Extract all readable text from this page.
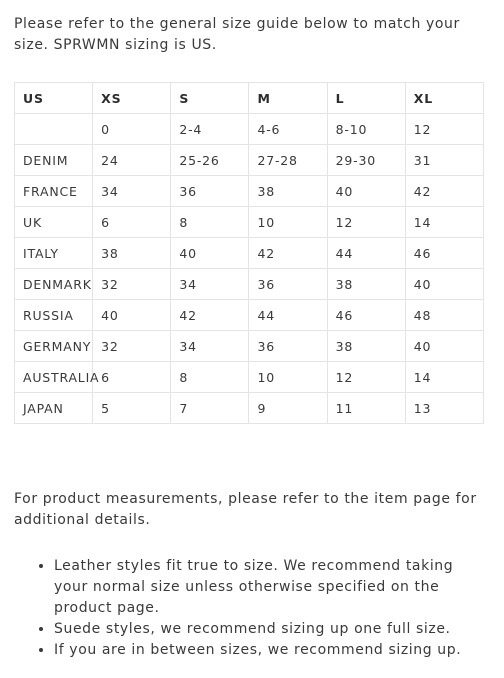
Please refer to the general size guide below to match your size. SPRWMN sizing is US.

US	XS	S	M	L	XL
	0	2-4	4-6	8-10	12
DENIM	24	25-26	27-28	29-30	31
FRANCE	34	36	38	40	42
UK	6	8	10	12	14
ITALY	38	40	42	44	46
DENMARK	32	34	36	38	40
RUSSIA	40	42	44	46	48
GERMANY	32	34	36	38	40
AUSTRALIA	6	8	10	12	14
JAPAN	5	7	9	11	13

For product measurements, please refer to the item page for additional details.

• Leather styles fit true to size. We recommend taking your normal size unless otherwise specified on the product page.
• Suede styles, we recommend sizing up one full size.
• If you are in between sizes, we recommend sizing up.
